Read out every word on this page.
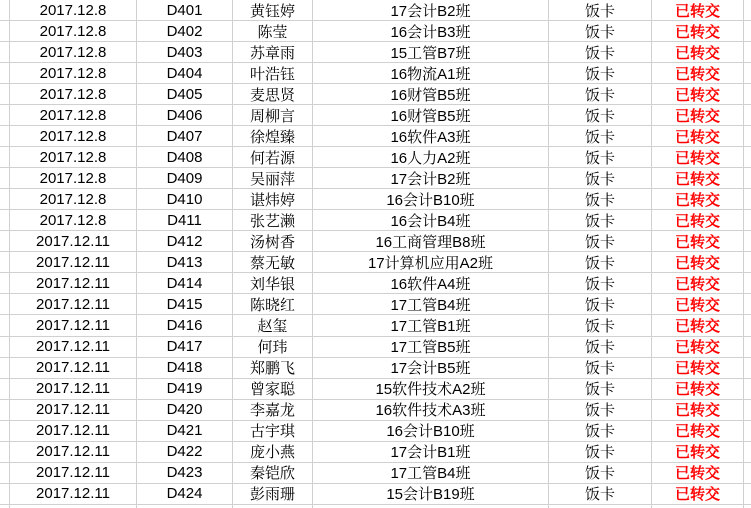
2017.12.8	D401	黄钰婷	17会计B2班	饭卡	已转交
2017.12.8	D402	陈莹	16会计B3班	饭卡	已转交
2017.12.8	D403	苏章雨	15工管B7班	饭卡	已转交
2017.12.8	D404	叶浩钰	16物流A1班	饭卡	已转交
2017.12.8	D405	麦思贤	16财管B5班	饭卡	已转交
2017.12.8	D406	周柳言	16财管B5班	饭卡	已转交
2017.12.8	D407	徐煌臻	16软件A3班	饭卡	已转交
2017.12.8	D408	何若源	16人力A2班	饭卡	已转交
2017.12.8	D409	吴丽萍	17会计B2班	饭卡	已转交
2017.12.8	D410	谌炜婷	16会计B10班	饭卡	已转交
2017.12.8	D411	张艺濑	16会计B4班	饭卡	已转交
2017.12.11	D412	汤树香	16工商管理B8班	饭卡	已转交
2017.12.11	D413	蔡无敏	17计算机应用A2班	饭卡	已转交
2017.12.11	D414	刘华银	16软件A4班	饭卡	已转交
2017.12.11	D415	陈晓红	17工管B4班	饭卡	已转交
2017.12.11	D416	赵玺	17工管B1班	饭卡	已转交
2017.12.11	D417	何玮	17工管B5班	饭卡	已转交
2017.12.11	D418	郑鹏飞	17会计B5班	饭卡	已转交
2017.12.11	D419	曾家聪	15软件技术A2班	饭卡	已转交
2017.12.11	D420	李嘉龙	16软件技术A3班	饭卡	已转交
2017.12.11	D421	古宇琪	16会计B10班	饭卡	已转交
2017.12.11	D422	庞小燕	17会计B1班	饭卡	已转交
2017.12.11	D423	秦铠欣	17工管B4班	饭卡	已转交
2017.12.11	D424	彭雨珊	15会计B19班	饭卡	已转交
